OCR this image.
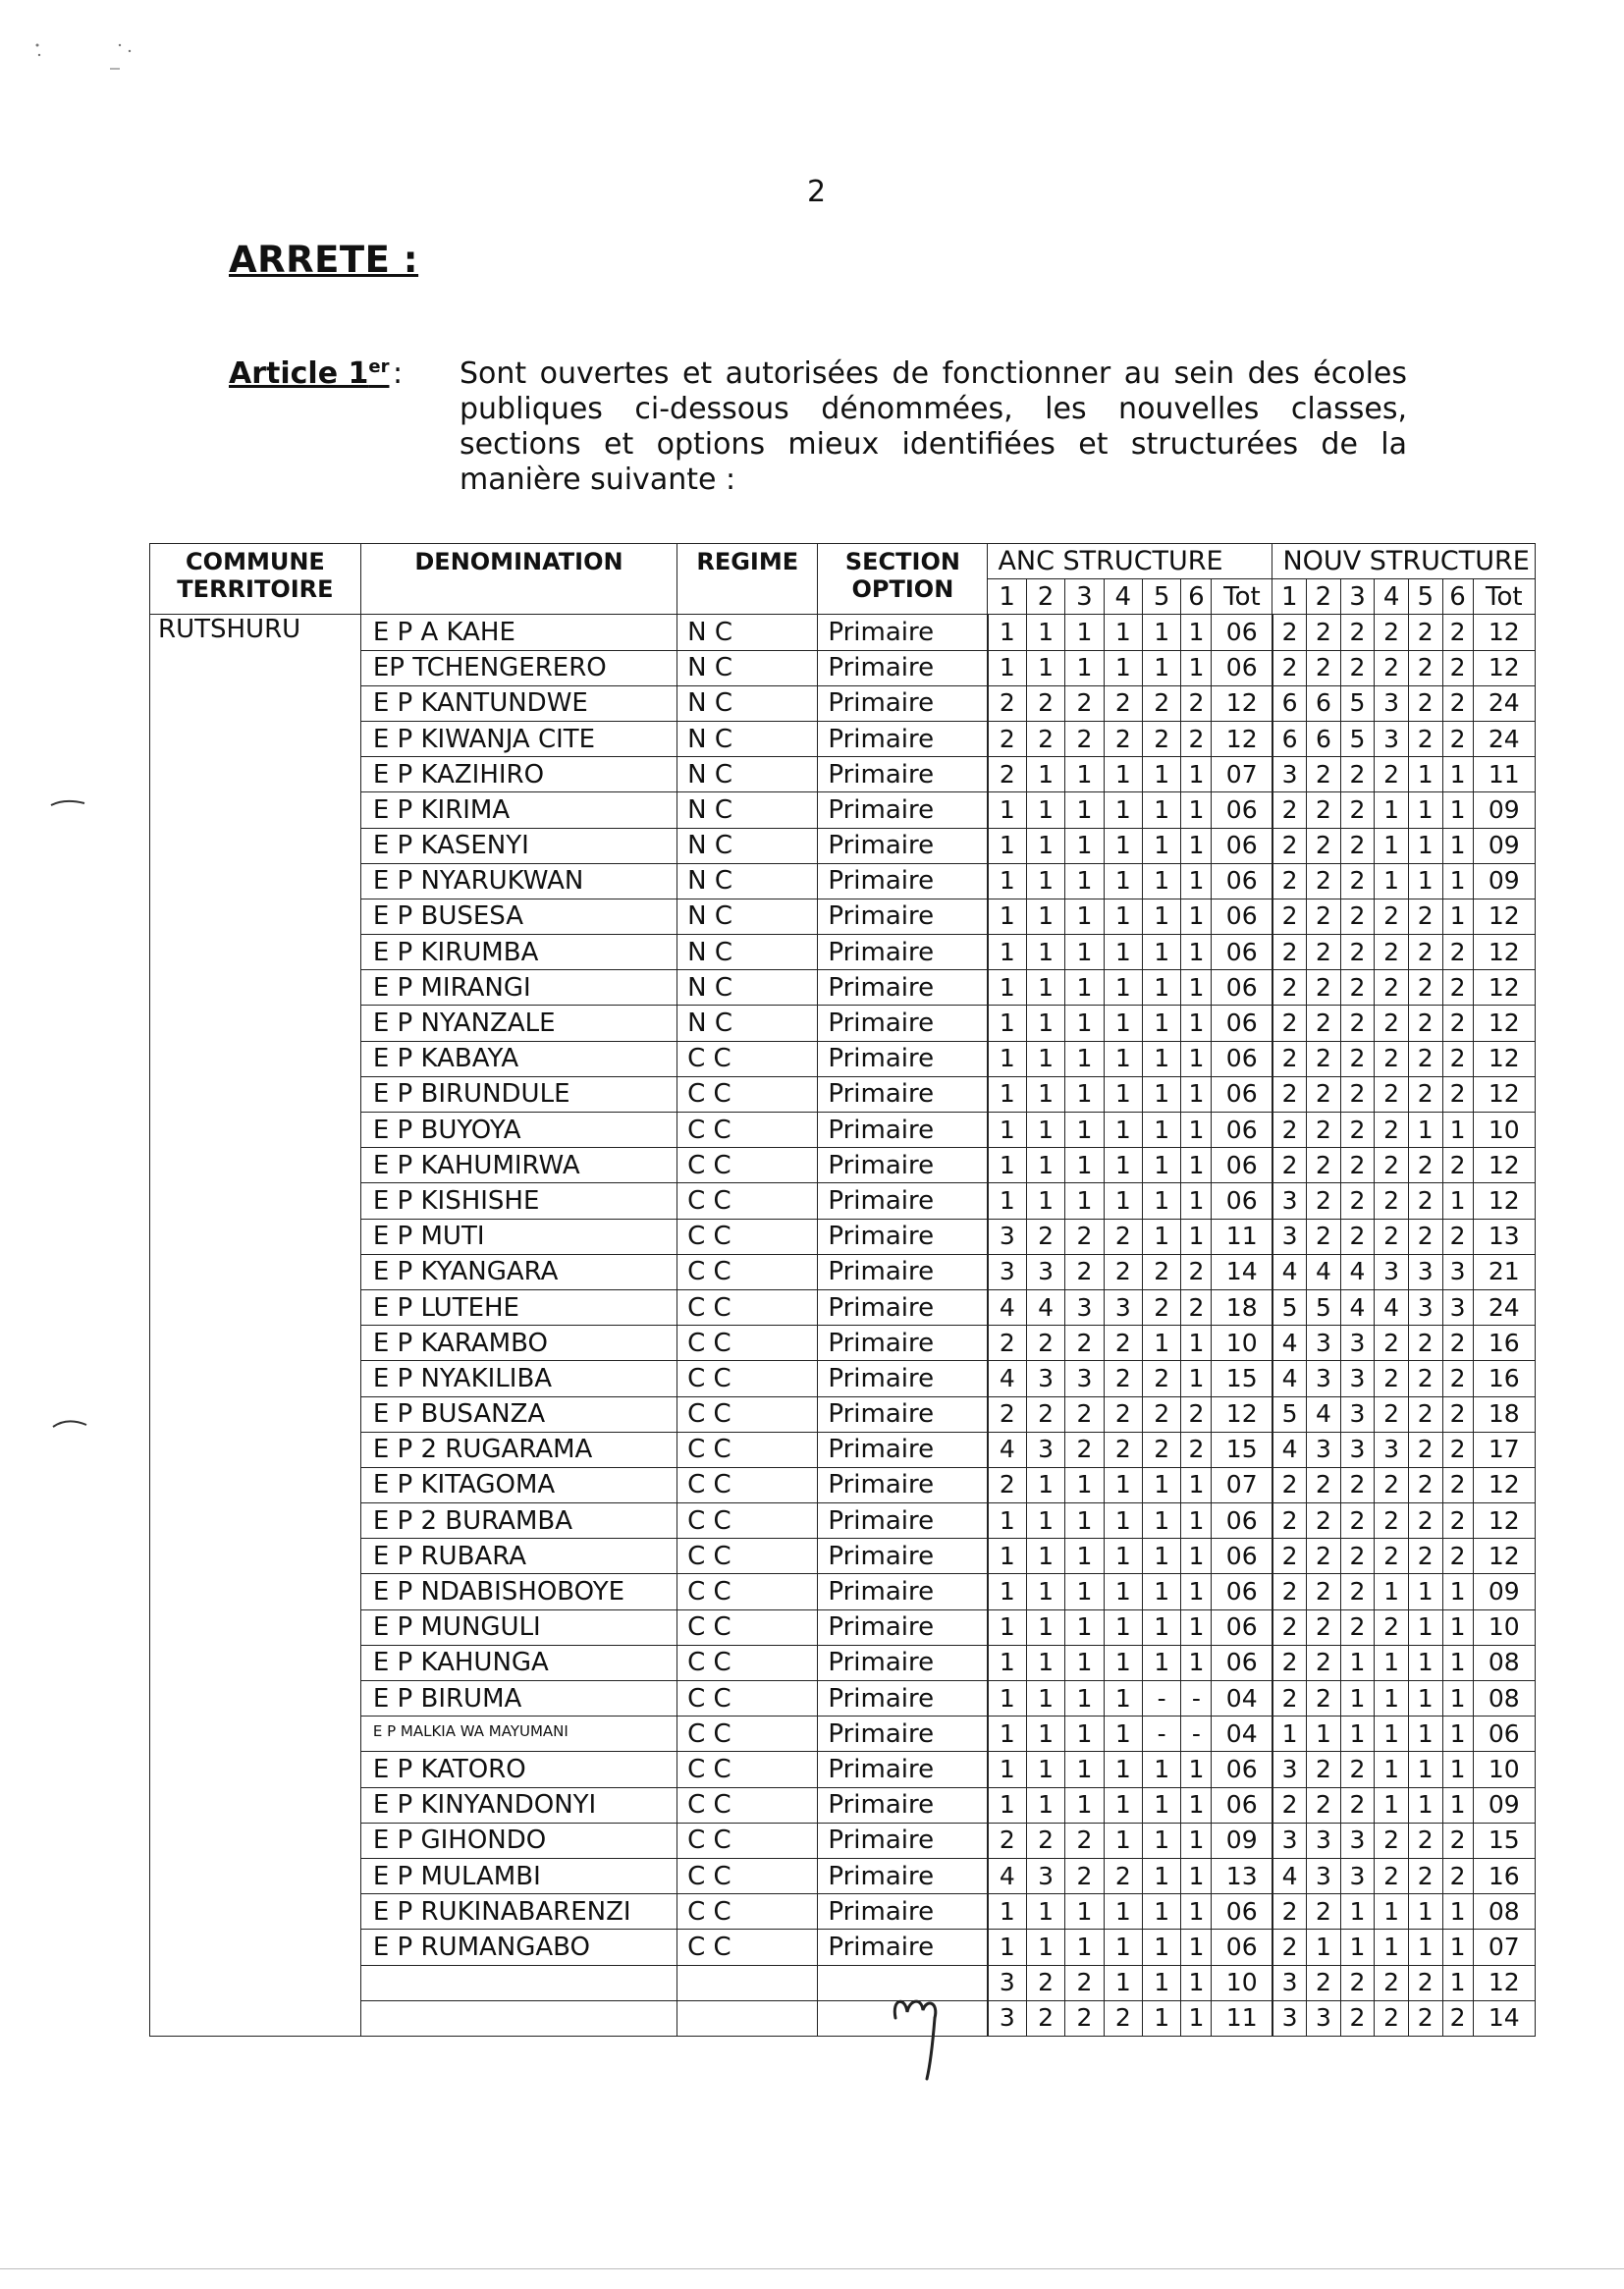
2
ARRETE :
Article 1er : Sont ouvertes et autorisées de fonctionner au sein des écoles publiques ci-dessous dénommées, les nouvelles classes, sections et options mieux identifiées et structurées de la manière suivante :
COMMUNE TERRITOIRE	DENOMINATION	REGIME	SECTION OPTION	ANC STRUCTURE							NOUV STRUCTURE						
				1	2	3	4	5	6	Tot	1	2	3	4	5	6	Tot
RUTSHURU	E P A KAHE	N C	Primaire	1	1	1	1	1	1	06	2	2	2	2	2	2	12
	EP TCHENGERERO	N C	Primaire	1	1	1	1	1	1	06	2	2	2	2	2	2	12
	E P KANTUNDWE	N C	Primaire	2	2	2	2	2	2	12	6	6	5	3	2	2	24
	E P KIWANJA CITE	N C	Primaire	2	2	2	2	2	2	12	6	6	5	3	2	2	24
	E P KAZIHIRO	N C	Primaire	2	1	1	1	1	1	07	3	2	2	2	1	1	11
	E P KIRIMA	N C	Primaire	1	1	1	1	1	1	06	2	2	2	1	1	1	09
	E P KASENYI	N C	Primaire	1	1	1	1	1	1	06	2	2	2	1	1	1	09
	E P NYARUKWAN	N C	Primaire	1	1	1	1	1	1	06	2	2	2	1	1	1	09
	E P BUSESA	N C	Primaire	1	1	1	1	1	1	06	2	2	2	2	2	1	12
	E P KIRUMBA	N C	Primaire	1	1	1	1	1	1	06	2	2	2	2	2	2	12
	E P MIRANGI	N C	Primaire	1	1	1	1	1	1	06	2	2	2	2	2	2	12
	E P NYANZALE	N C	Primaire	1	1	1	1	1	1	06	2	2	2	2	2	2	12
	E P KABAYA	C C	Primaire	1	1	1	1	1	1	06	2	2	2	2	2	2	12
	E P BIRUNDULE	C C	Primaire	1	1	1	1	1	1	06	2	2	2	2	2	2	12
	E P BUYOYA	C C	Primaire	1	1	1	1	1	1	06	2	2	2	2	1	1	10
	E P KAHUMIRWA	C C	Primaire	1	1	1	1	1	1	06	2	2	2	2	2	2	12
	E P KISHISHE	C C	Primaire	1	1	1	1	1	1	06	3	2	2	2	2	1	12
	E P MUTI	C C	Primaire	3	2	2	2	1	1	11	3	2	2	2	2	2	13
	E P KYANGARA	C C	Primaire	3	3	2	2	2	2	14	4	4	4	3	3	3	21
	E P LUTEHE	C C	Primaire	4	4	3	3	2	2	18	5	5	4	4	3	3	24
	E P KARAMBO	C C	Primaire	2	2	2	2	1	1	10	4	3	3	2	2	2	16
	E P NYAKILIBA	C C	Primaire	4	3	3	2	2	1	15	4	3	3	2	2	2	16
	E P BUSANZA	C C	Primaire	2	2	2	2	2	2	12	5	4	3	2	2	2	18
	E P 2 RUGARAMA	C C	Primaire	4	3	2	2	2	2	15	4	3	3	3	2	2	17
	E P KITAGOMA	C C	Primaire	2	1	1	1	1	1	07	2	2	2	2	2	2	12
	E P 2 BURAMBA	C C	Primaire	1	1	1	1	1	1	06	2	2	2	2	2	2	12
	E P RUBARA	C C	Primaire	1	1	1	1	1	1	06	2	2	2	2	2	2	12
	E P NDABISHOBOYE	C C	Primaire	1	1	1	1	1	1	06	2	2	2	1	1	1	09
	E P MUNGULI	C C	Primaire	1	1	1	1	1	1	06	2	2	2	2	1	1	10
	E P KAHUNGA	C C	Primaire	1	1	1	1	1	1	06	2	2	1	1	1	1	08
	E P BIRUMA	C C	Primaire	1	1	1	1	-	-	04	2	2	1	1	1	1	08
	E P MALKIA WA MAYUMANI	C C	Primaire	1	1	1	1	-	-	04	1	1	1	1	1	1	06
	E P KATORO	C C	Primaire	1	1	1	1	1	1	06	3	2	2	1	1	1	10
	E P KINYANDONYI	C C	Primaire	1	1	1	1	1	1	06	2	2	2	1	1	1	09
	E P GIHONDO	C C	Primaire	2	2	2	1	1	1	09	3	3	3	2	2	2	15
	E P MULAMBI	C C	Primaire	4	3	2	2	1	1	13	4	3	3	2	2	2	16
	E P RUKINABARENZI	C C	Primaire	1	1	1	1	1	1	06	2	2	1	1	1	1	08
	E P RUMANGABO	C C	Primaire	1	1	1	1	1	1	06	2	1	1	1	1	1	07
				3	2	2	1	1	1	10	3	2	2	2	2	1	12
				3	2	2	2	1	1	11	3	3	2	2	2	2	14
